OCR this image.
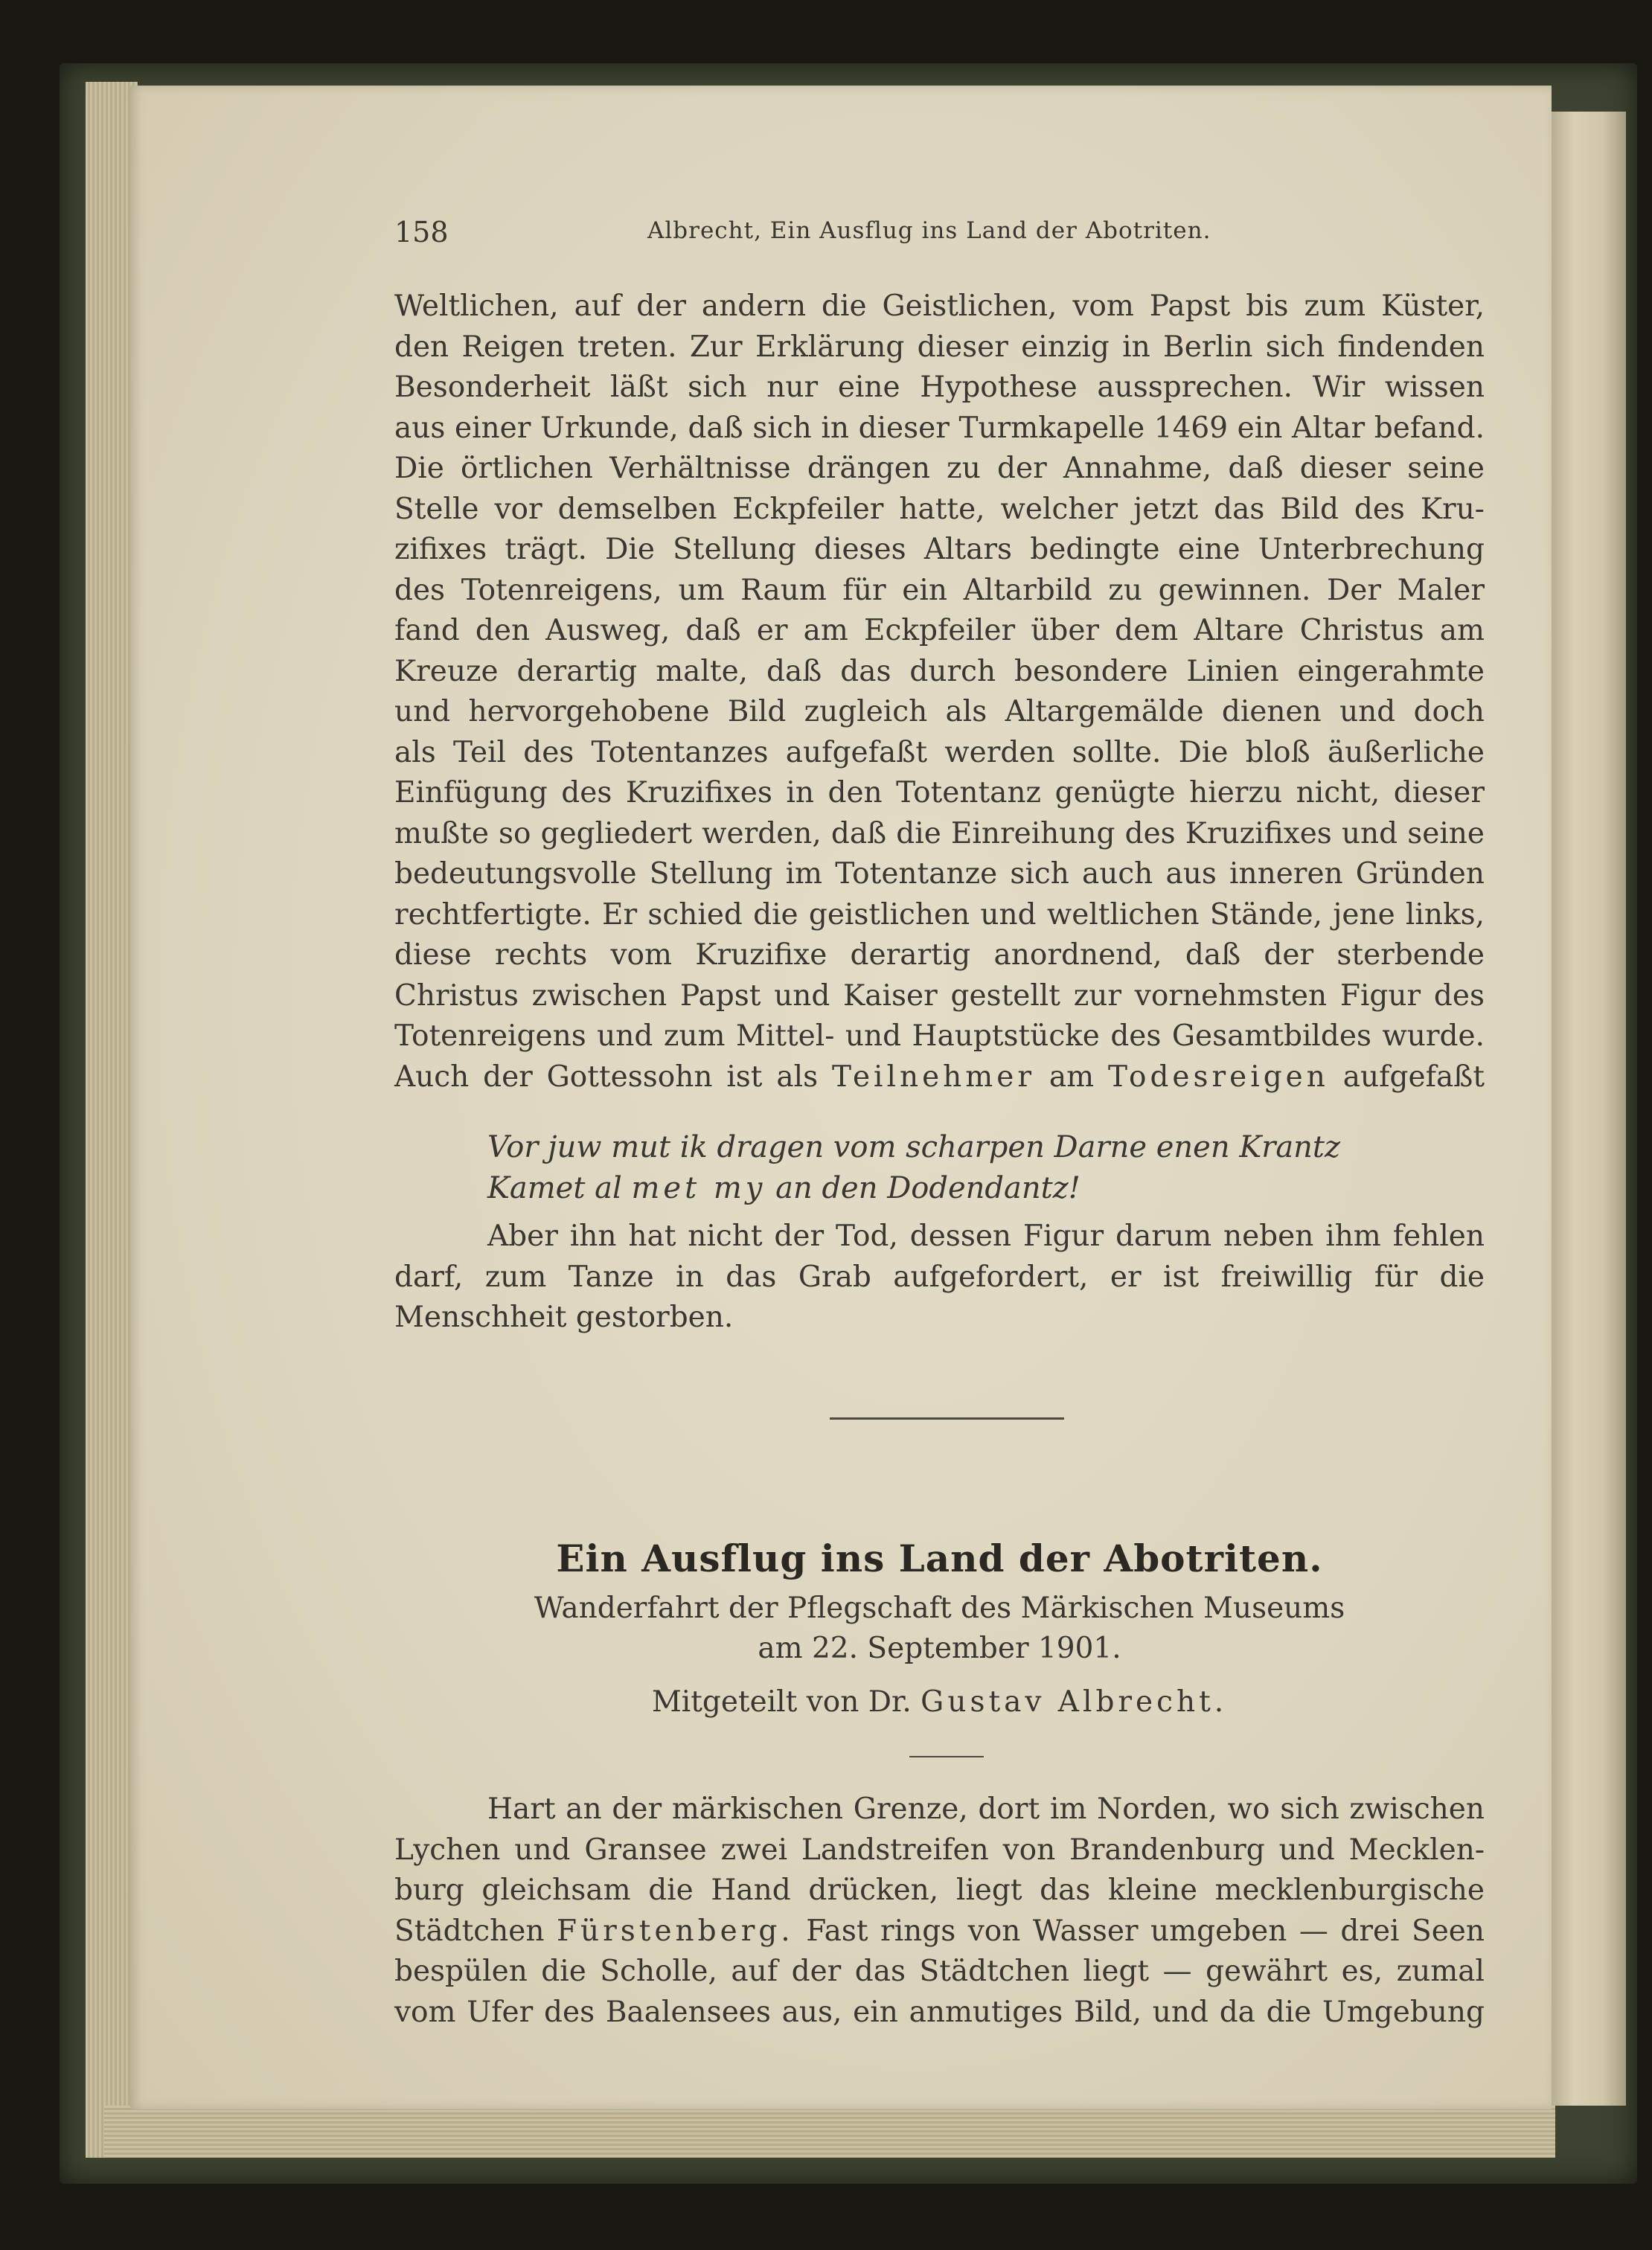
158	Albrecht, Ein Ausflug ins Land der Abotriten.
Weltlichen, auf der andern die Geistlichen, vom Papst bis zum Küster,
den Reigen treten. Zur Erklärung dieser einzig in Berlin sich findenden
Besonderheit läßt sich nur eine Hypothese aussprechen. Wir wissen
aus einer Urkunde, daß sich in dieser Turmkapelle 1469 ein Altar befand.
Die örtlichen Verhältnisse drängen zu der Annahme, daß dieser seine
Stelle vor demselben Eckpfeiler hatte, welcher jetzt das Bild des Kru-
zifixes trägt. Die Stellung dieses Altars bedingte eine Unterbrechung
des Totenreigens, um Raum für ein Altarbild zu gewinnen. Der Maler
fand den Ausweg, daß er am Eckpfeiler über dem Altare Christus am
Kreuze derartig malte, daß das durch besondere Linien eingerahmte
und hervorgehobene Bild zugleich als Altargemälde dienen und doch
als Teil des Totentanzes aufgefaßt werden sollte. Die bloß äußerliche
Einfügung des Kruzifixes in den Totentanz genügte hierzu nicht, dieser
mußte so gegliedert werden, daß die Einreihung des Kruzifixes und seine
bedeutungsvolle Stellung im Totentanze sich auch aus inneren Gründen
rechtfertigte. Er schied die geistlichen und weltlichen Stände, jene links,
diese rechts vom Kruzifixe derartig anordnend, daß der sterbende
Christus zwischen Papst und Kaiser gestellt zur vornehmsten Figur des
Totenreigens und zum Mittel- und Hauptstücke des Gesamtbildes wurde.
Auch der Gottessohn ist als Teilnehmer am Todesreigen aufgefaßt
Vor juw mut ik dragen vom scharpen Darne enen Krantz
Kamet al met my an den Dodendantz!
Aber ihn hat nicht der Tod, dessen Figur darum neben ihm fehlen
darf, zum Tanze in das Grab aufgefordert, er ist freiwillig für die
Menschheit gestorben.
Ein Ausflug ins Land der Abotriten.
Wanderfahrt der Pflegschaft des Märkischen Museums
am 22. September 1901.
Mitgeteilt von Dr. Gustav Albrecht.
Hart an der märkischen Grenze, dort im Norden, wo sich zwischen
Lychen und Gransee zwei Landstreifen von Brandenburg und Mecklen-
burg gleichsam die Hand drücken, liegt das kleine mecklenburgische
Städtchen Fürstenberg. Fast rings von Wasser umgeben — drei Seen
bespülen die Scholle, auf der das Städtchen liegt — gewährt es, zumal
vom Ufer des Baalensees aus, ein anmutiges Bild, und da die Umgebung
